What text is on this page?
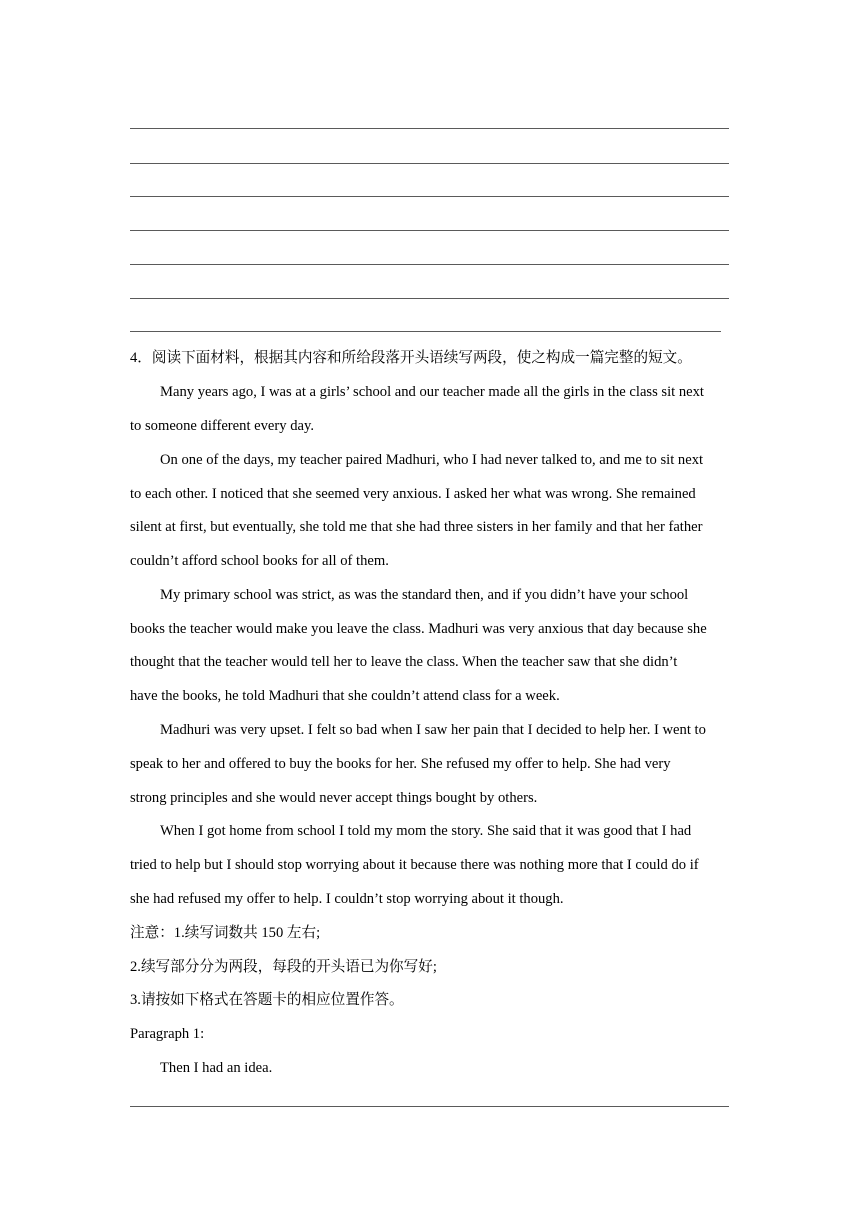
4．阅读下面材料，根据其内容和所给段落开头语续写两段，使之构成一篇完整的短文。
Many years ago, I was at a girls’ school and our teacher made all the girls in the class sit next
to someone different every day.
On one of the days, my teacher paired Madhuri, who I had never talked to, and me to sit next
to each other. I noticed that she seemed very anxious. I asked her what was wrong. She remained
silent at first, but eventually, she told me that she had three sisters in her family and that her father
couldn’t afford school books for all of them.
My primary school was strict, as was the standard then, and if you didn’t have your school
books the teacher would make you leave the class. Madhuri was very anxious that day because she
thought that the teacher would tell her to leave the class. When the teacher saw that she didn’t
have the books, he told Madhuri that she couldn’t attend class for a week.
Madhuri was very upset. I felt so bad when I saw her pain that I decided to help her. I went to
speak to her and offered to buy the books for her. She refused my offer to help. She had very
strong principles and she would never accept things bought by others.
When I got home from school I told my mom the story. She said that it was good that I had
tried to help but I should stop worrying about it because there was nothing more that I could do if
she had refused my offer to help. I couldn’t stop worrying about it though.
注意：1.续写词数共 150 左右;
2.续写部分分为两段，每段的开头语已为你写好;
3.请按如下格式在答题卡的相应位置作答。
Paragraph 1:
Then I had an idea.
